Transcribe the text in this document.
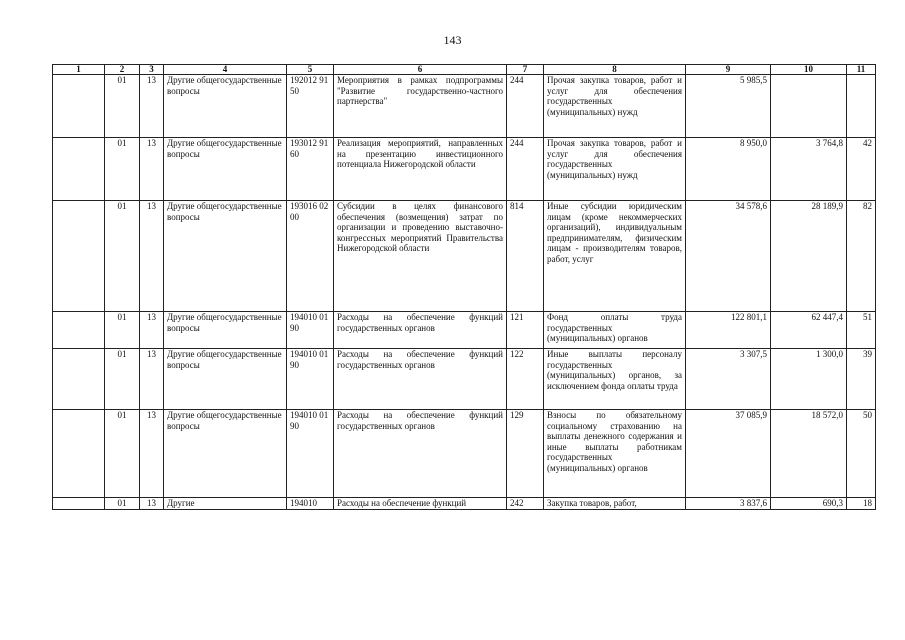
143
1	2	3	4	5	6	7	8	9	10	11
	01	13	Другие общегосударственные вопросы	192012 9150	Мероприятия в рамках подпрограммы "Развитие государственно-частного партнерства"	244	Прочая закупка товаров, работ и услуг для обеспечения государственных (муниципальных) нужд	5 985,5		
	01	13	Другие общегосударственные вопросы	193012 9160	Реализация мероприятий, направленных на презентацию инвестиционного потенциала Нижегородской области	244	Прочая закупка товаров, работ и услуг для обеспечения государственных (муниципальных) нужд	8 950,0	3 764,8	42
	01	13	Другие общегосударственные вопросы	193016 0200	Субсидии в целях финансового обеспечения (возмещения) затрат по организации и проведению выставочно-конгрессных мероприятий Правительства Нижегородской области	814	Иные субсидии юридическим лицам (кроме некоммерческих организаций), индивидуальным предпринимателям, физическим лицам - производителям товаров, работ, услуг	34 578,6	28 189,9	82
	01	13	Другие общегосударственные вопросы	194010 0190	Расходы на обеспечение функций государственных органов	121	Фонд оплаты труда государственных (муниципальных) органов	122 801,1	62 447,4	51
	01	13	Другие общегосударственные вопросы	194010 0190	Расходы на обеспечение функций государственных органов	122	Иные выплаты персоналу государственных (муниципальных) органов, за исключением фонда оплаты труда	3 307,5	1 300,0	39
	01	13	Другие общегосударственные вопросы	194010 0190	Расходы на обеспечение функций государственных органов	129	Взносы по обязательному социальному страхованию на выплаты денежного содержания и иные выплаты работникам государственных (муниципальных) органов	37 085,9	18 572,0	50
	01	13	Другие	194010	Расходы на обеспечение функций	242	Закупка товаров, работ,	3 837,6	690,3	18
